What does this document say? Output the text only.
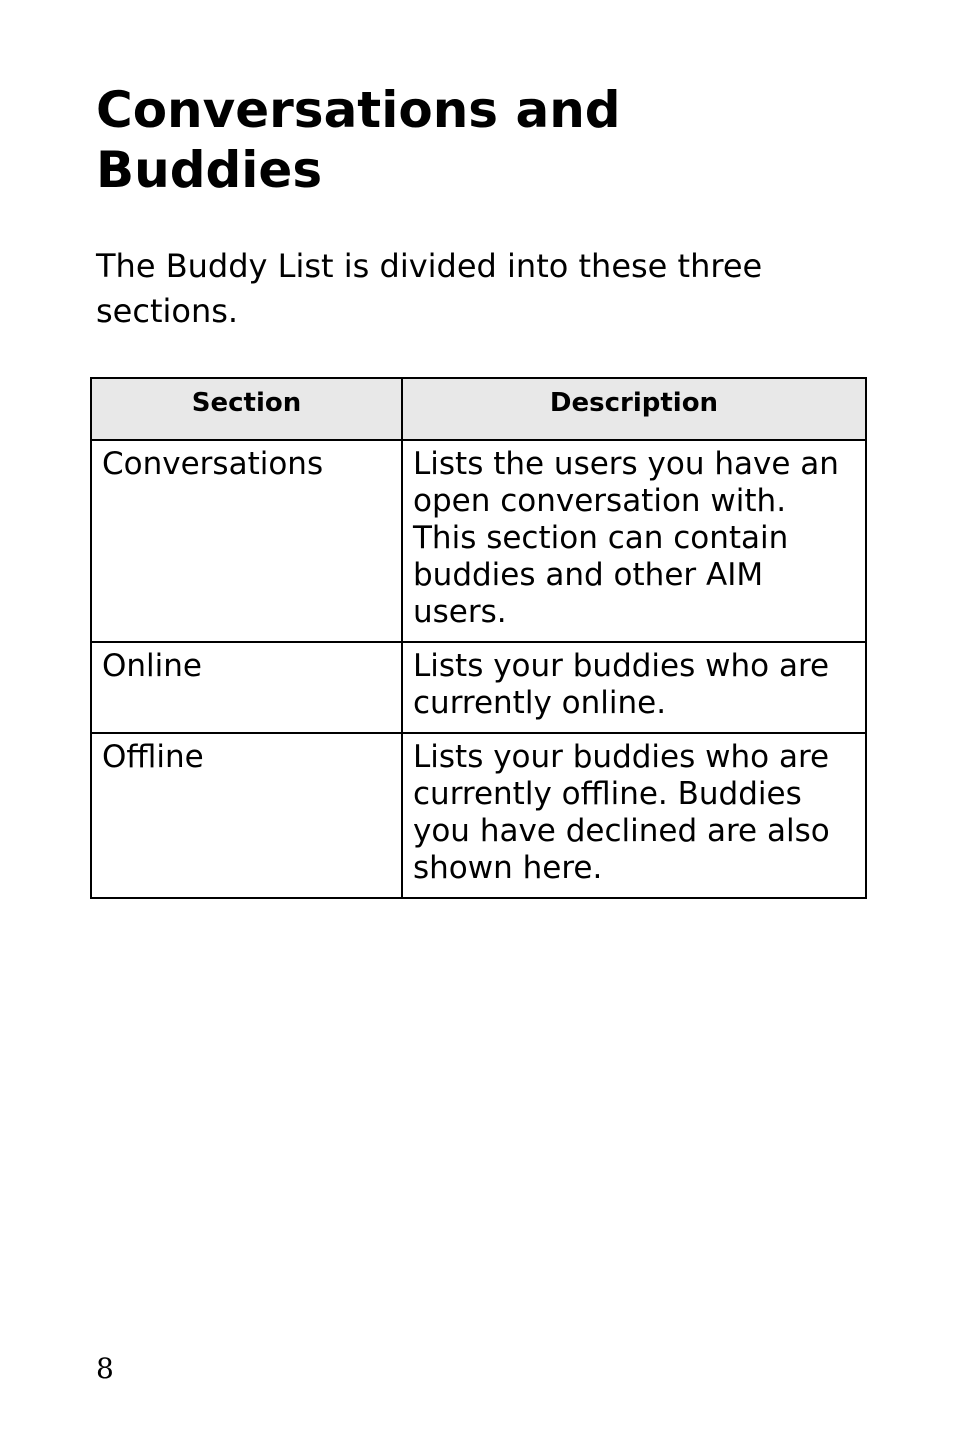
Conversations and Buddies

The Buddy List is divided into these three sections.

Section	Description
Conversations	Lists the users you have an open conversation with. This section can contain buddies and other AIM users.
Online	Lists your buddies who are currently online.
Offline	Lists your buddies who are currently offline. Buddies you have declined are also shown here.
8
